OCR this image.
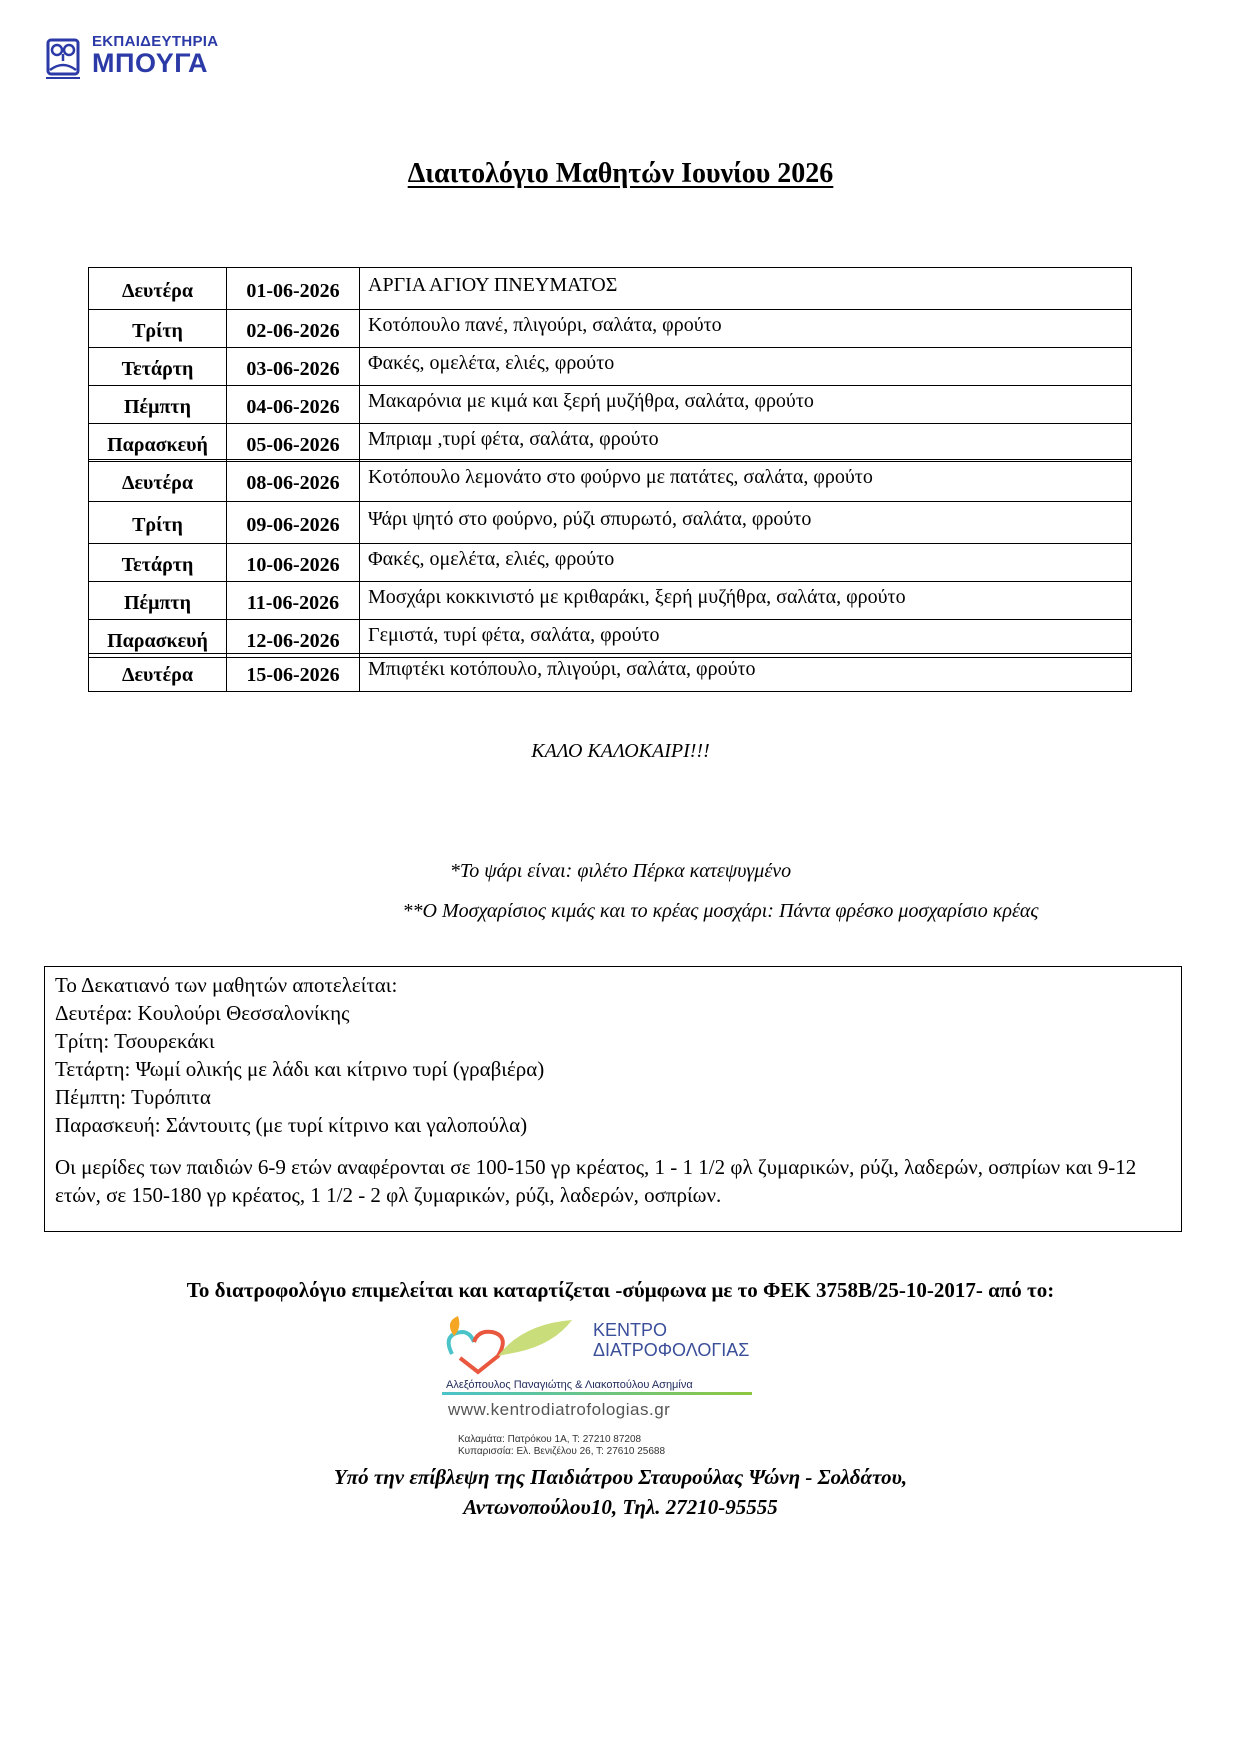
ΕΚΠΑΙΔΕΥΤΗΡΙΑ
ΜΠΟΥΓΑ
Διαιτολόγιο Μαθητών Ιουνίου 2026
Δευτέρα	01-06-2026	ΑΡΓΙΑ ΑΓΙΟΥ ΠΝΕΥΜΑΤΟΣ
Τρίτη	02-06-2026	Κοτόπουλο πανέ, πλιγούρι, σαλάτα, φρούτο
Τετάρτη	03-06-2026	Φακές, ομελέτα, ελιές, φρούτο
Πέμπτη	04-06-2026	Μακαρόνια με κιμά και ξερή μυζήθρα, σαλάτα, φρούτο
Παρασκευή	05-06-2026	Μπριαμ ,τυρί φέτα, σαλάτα, φρούτο
Δευτέρα	08-06-2026	Κοτόπουλο λεμονάτο στο φούρνο με πατάτες, σαλάτα, φρούτο
Τρίτη	09-06-2026	Ψάρι ψητό στο φούρνο, ρύζι σπυρωτό, σαλάτα, φρούτο
Τετάρτη	10-06-2026	Φακές, ομελέτα, ελιές, φρούτο
Πέμπτη	11-06-2026	Μοσχάρι κοκκινιστό με κριθαράκι, ξερή μυζήθρα, σαλάτα, φρούτο
Παρασκευή	12-06-2026	Γεμιστά, τυρί φέτα, σαλάτα, φρούτο
Δευτέρα	15-06-2026	Μπιφτέκι κοτόπουλο, πλιγούρι, σαλάτα, φρούτο
ΚΑΛΟ ΚΑΛΟΚΑΙΡΙ!!!
*Το ψάρι είναι: φιλέτο Πέρκα κατεψυγμένο
**Ο Μοσχαρίσιος κιμάς και το κρέας μοσχάρι: Πάντα φρέσκο μοσχαρίσιο κρέας
Το Δεκατιανό των μαθητών αποτελείται:
Δευτέρα: Κουλούρι Θεσσαλονίκης
Τρίτη: Τσουρεκάκι
Τετάρτη: Ψωμί ολικής με λάδι και κίτρινο τυρί (γραβιέρα)
Πέμπτη: Τυρόπιτα
Παρασκευή: Σάντουιτς (με τυρί κίτρινο και γαλοπούλα)
Οι μερίδες των παιδιών 6-9 ετών αναφέρονται σε 100-150 γρ κρέατος, 1 - 1 1/2 φλ ζυμαρικών, ρύζι, λαδερών, οσπρίων και 9-12 ετών, σε 150-180 γρ κρέατος, 1 1/2 - 2 φλ ζυμαρικών, ρύζι, λαδερών, οσπρίων.
Το διατροφολόγιο επιμελείται και καταρτίζεται -σύμφωνα με το ΦΕΚ 3758Β/25-10-2017- από το:
ΚΕΝΤΡΟ
ΔΙΑΤΡΟΦΟΛΟΓΙΑΣ
Αλεξόπουλος Παναγιώτης & Λιακοπούλου Ασημίνα
www.kentrodiatrofologias.gr
Καλαμάτα: Πατρόκου 1Α, Τ: 27210 87208
Κυπαρισσία: Ελ. Βενιζέλου 26, Τ: 27610 25688
Υπό την επίβλεψη της Παιδιάτρου Σταυρούλας Ψώνη - Σολδάτου,
Αντωνοπούλου10, Τηλ. 27210-95555
